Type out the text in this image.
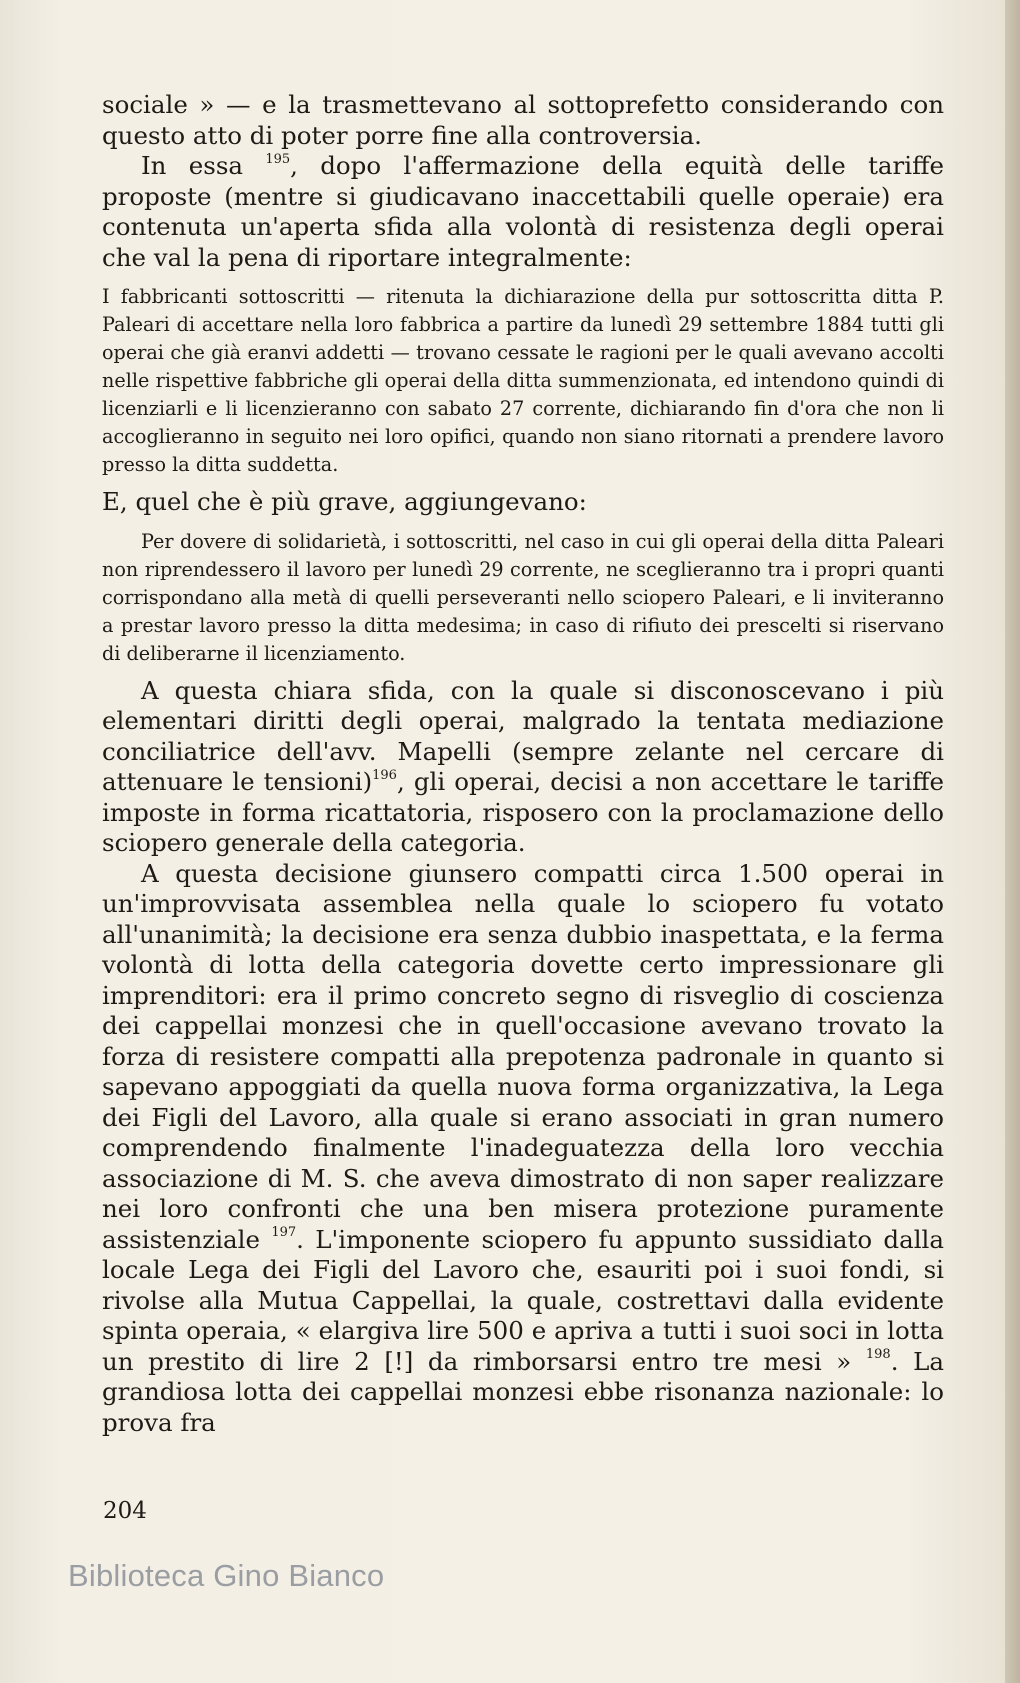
sociale » — e la trasmettevano al sottoprefetto considerando con questo atto di poter porre fine alla controversia.

In essa $^{195}$, dopo l'affermazione della equità delle tariffe proposte (mentre si giudicavano inaccettabili quelle operaie) era contenuta un'aperta sfida alla volontà di resistenza degli operai che val la pena di riportare integralmente:

I fabbricanti sottoscritti — ritenuta la dichiarazione della pur sottoscritta ditta P. Paleari di accettare nella loro fabbrica a partire da lunedì 29 settembre 1884 tutti gli operai che già eranvi addetti — trovano cessate le ragioni per le quali avevano accolti nelle rispettive fabbriche gli operai della ditta summenzionata, ed intendono quindi di licenziarli e li licenzieranno con sabato 27 corrente, dichiarando fin d'ora che non li accoglieranno in seguito nei loro opifici, quando non siano ritornati a prendere lavoro presso la ditta suddetta.

E, quel che è più grave, aggiungevano:

Per dovere di solidarietà, i sottoscritti, nel caso in cui gli operai della ditta Paleari non riprendessero il lavoro per lunedì 29 corrente, ne sceglieranno tra i propri quanti corrispondano alla metà di quelli perseveranti nello sciopero Paleari, e li inviteranno a prestar lavoro presso la ditta medesima; in caso di rifiuto dei prescelti si riservano di deliberarne il licenziamento.

A questa chiara sfida, con la quale si disconoscevano i più elementari diritti degli operai, malgrado la tentata mediazione conciliatrice dell'avv. Mapelli (sempre zelante nel cercare di attenuare le tensioni)$^{196}$, gli operai, decisi a non accettare le tariffe imposte in forma ricattatoria, risposero con la proclamazione dello sciopero generale della categoria.

A questa decisione giunsero compatti circa 1.500 operai in un'improvvisata assemblea nella quale lo sciopero fu votato all'unanimità; la decisione era senza dubbio inaspettata, e la ferma volontà di lotta della categoria dovette certo impressionare gli imprenditori: era il primo concreto segno di risveglio di coscienza dei cappellai monzesi che in quell'occasione avevano trovato la forza di resistere compatti alla prepotenza padronale in quanto si sapevano appoggiati da quella nuova forma organizzativa, la Lega dei Figli del Lavoro, alla quale si erano associati in gran numero comprendendo finalmente l'inadeguatezza della loro vecchia associazione di M. S. che aveva dimostrato di non saper realizzare nei loro confronti che una ben misera protezione puramente assistenziale $^{197}$. L'imponente sciopero fu appunto sussidiato dalla locale Lega dei Figli del Lavoro che, esauriti poi i suoi fondi, si rivolse alla Mutua Cappellai, la quale, costrettavi dalla evidente spinta operaia, « elargiva lire 500 e apriva a tutti i suoi soci in lotta un prestito di lire 2 [!] da rimborsarsi entro tre mesi » $^{198}$. La grandiosa lotta dei cappellai monzesi ebbe risonanza nazionale: lo prova fra

204
Biblioteca Gino Bianco
